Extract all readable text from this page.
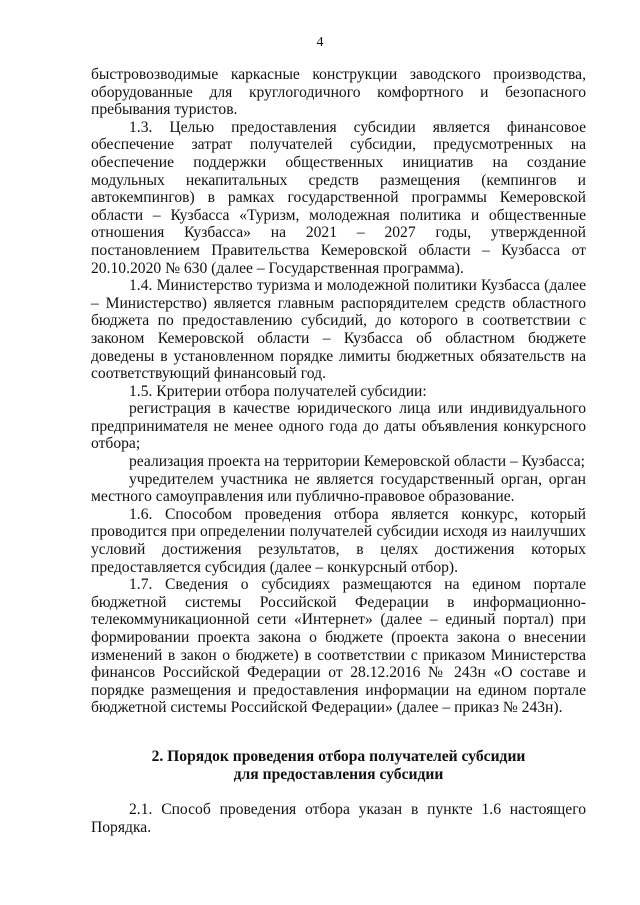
4

быстровозводимые каркасные конструкции заводского производства, оборудованные для круглогодичного комфортного и безопасного пребывания туристов.

1.3. Целью предоставления субсидии является финансовое обеспечение затрат получателей субсидии, предусмотренных на обеспечение поддержки общественных инициатив на создание модульных некапитальных средств размещения (кемпингов и автокемпингов) в рамках государственной программы Кемеровской области – Кузбасса «Туризм, молодежная политика и общественные отношения Кузбасса» на 2021 – 2027 годы, утвержденной постановлением Правительства Кемеровской области – Кузбасса от 20.10.2020 № 630 (далее – Государственная программа).

1.4. Министерство туризма и молодежной политики Кузбасса (далее – Министерство) является главным распорядителем средств областного бюджета по предоставлению субсидий, до которого в соответствии с законом Кемеровской области – Кузбасса об областном бюджете доведены в установленном порядке лимиты бюджетных обязательств на соответствующий финансовый год.

1.5. Критерии отбора получателей субсидии:

регистрация в качестве юридического лица или индивидуального предпринимателя не менее одного года до даты объявления конкурсного отбора;

реализация проекта на территории Кемеровской области – Кузбасса;

учредителем участника не является государственный орган, орган местного самоуправления или публично-правовое образование.

1.6. Способом проведения отбора является конкурс, который проводится при определении получателей субсидии исходя из наилучших условий достижения результатов, в целях достижения которых предоставляется субсидия (далее – конкурсный отбор).

1.7. Сведения о субсидиях размещаются на едином портале бюджетной системы Российской Федерации в информационно-телекоммуникационной сети «Интернет» (далее – единый портал) при формировании проекта закона о бюджете (проекта закона о внесении изменений в закон о бюджете) в соответствии с приказом Министерства финансов Российской Федерации от 28.12.2016 № 243н «О составе и порядке размещения и предоставления информации на едином портале бюджетной системы Российской Федерации» (далее – приказ № 243н).

2. Порядок проведения отбора получателей субсидии
для предоставления субсидии

2.1. Способ проведения отбора указан в пункте 1.6 настоящего Порядка.
